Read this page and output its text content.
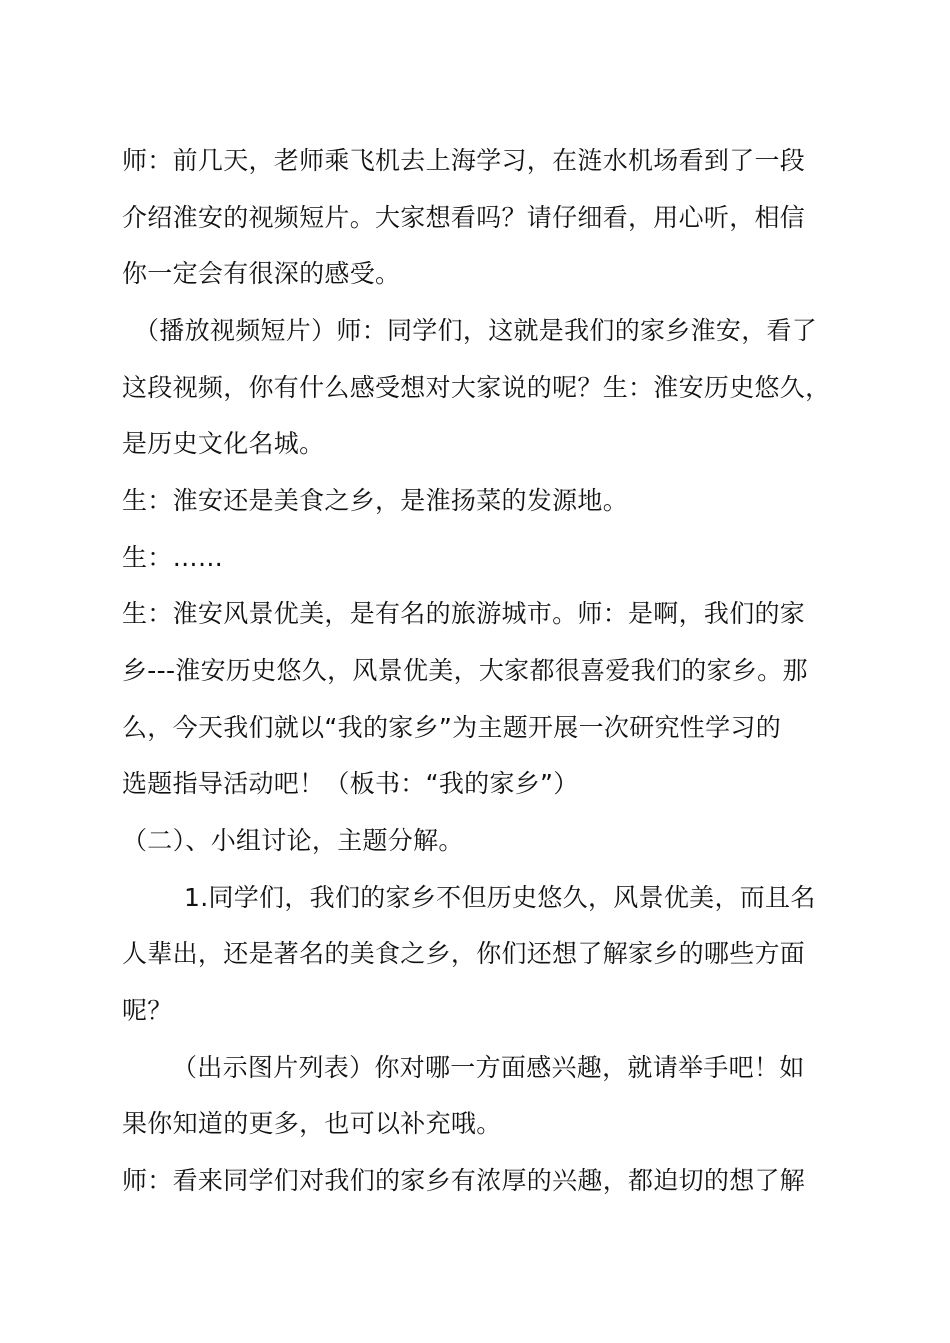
师：前几天，老师乘飞机去上海学习，在涟水机场看到了一段
介绍淮安的视频短片。大家想看吗？请仔细看，用心听，相信
你一定会有很深的感受。
（播放视频短片）师：同学们，这就是我们的家乡淮安，看了
这段视频，你有什么感受想对大家说的呢？生：淮安历史悠久，
是历史文化名城。
生：淮安还是美食之乡，是淮扬菜的发源地。
生：……
生：淮安风景优美，是有名的旅游城市。师：是啊，我们的家
乡---淮安历史悠久，风景优美，大家都很喜爱我们的家乡。那
么，今天我们就以“我的家乡”为主题开展一次研究性学习的
选题指导活动吧！（板书：“我的家乡”）
（二）、小组讨论，主题分解。
1.同学们，我们的家乡不但历史悠久，风景优美，而且名
人辈出，还是著名的美食之乡，你们还想了解家乡的哪些方面
呢？
（出示图片列表）你对哪一方面感兴趣，就请举手吧！如
果你知道的更多，也可以补充哦。
师：看来同学们对我们的家乡有浓厚的兴趣，都迫切的想了解
